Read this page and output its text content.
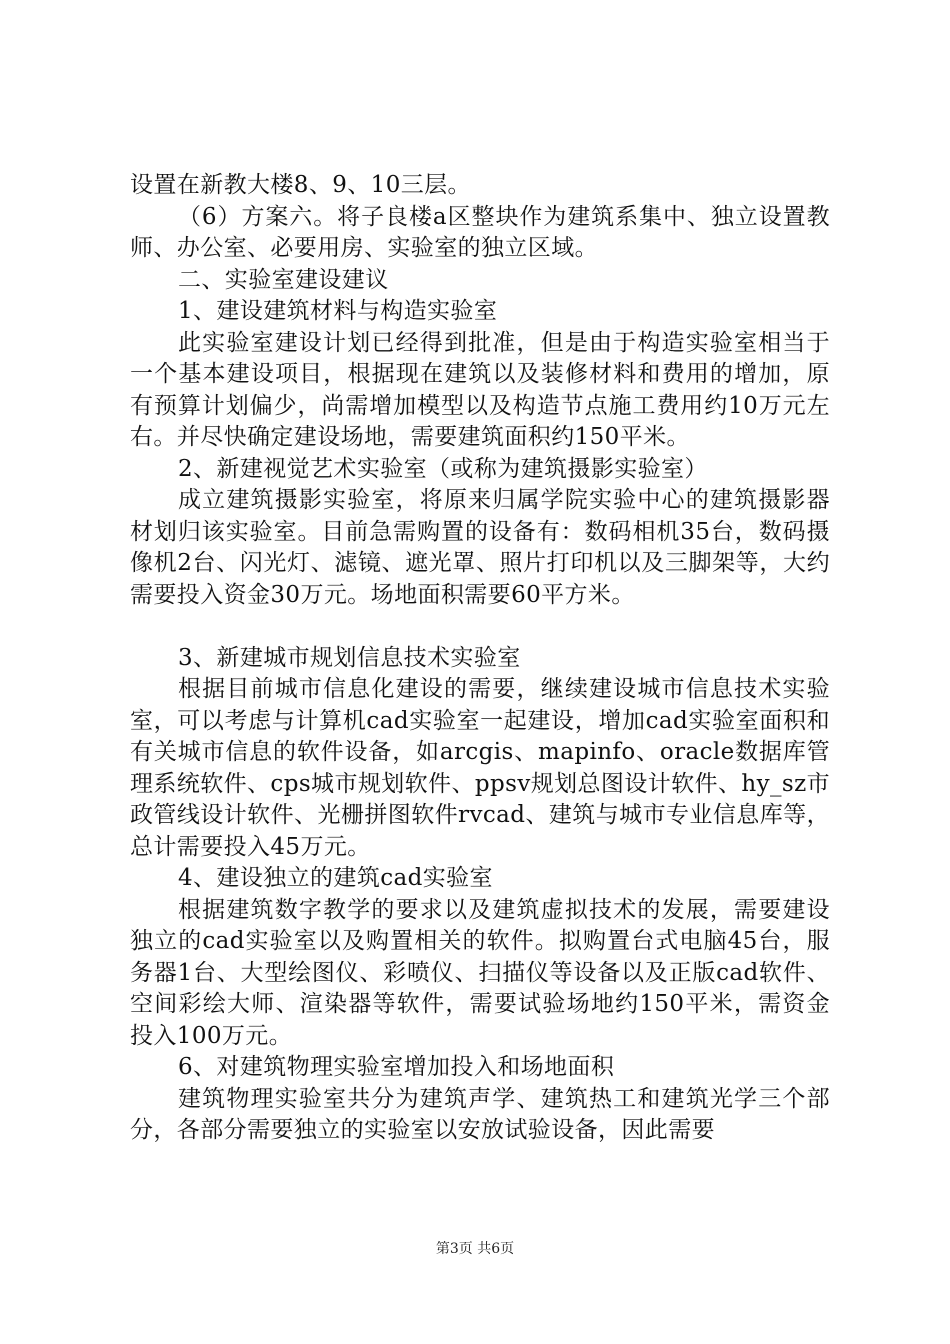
设置在新教大楼8、9、10三层。

（6）方案六。将子良楼a区整块作为建筑系集中、独立设置教师、办公室、必要用房、实验室的独立区域。

二、实验室建设建议

1、建设建筑材料与构造实验室

此实验室建设计划已经得到批准，但是由于构造实验室相当于一个基本建设项目，根据现在建筑以及装修材料和费用的增加，原有预算计划偏少，尚需增加模型以及构造节点施工费用约10万元左右。并尽快确定建设场地，需要建筑面积约150平米。

2、新建视觉艺术实验室（或称为建筑摄影实验室）

成立建筑摄影实验室，将原来归属学院实验中心的建筑摄影器材划归该实验室。目前急需购置的设备有：数码相机35台，数码摄像机2台、闪光灯、滤镜、遮光罩、照片打印机以及三脚架等，大约需要投入资金30万元。场地面积需要60平方米。

3、新建城市规划信息技术实验室

根据目前城市信息化建设的需要，继续建设城市信息技术实验室，可以考虑与计算机cad实验室一起建设，增加cad实验室面积和有关城市信息的软件设备，如arcgis、mapinfo、oracle数据库管理系统软件、cps城市规划软件、ppsv规划总图设计软件、hy_sz市政管线设计软件、光栅拼图软件rvcad、建筑与城市专业信息库等，总计需要投入45万元。

4、建设独立的建筑cad实验室

根据建筑数字教学的要求以及建筑虚拟技术的发展，需要建设独立的cad实验室以及购置相关的软件。拟购置台式电脑45台，服务器1台、大型绘图仪、彩喷仪、扫描仪等设备以及正版cad软件、空间彩绘大师、渲染器等软件，需要试验场地约150平米，需资金投入100万元。

6、对建筑物理实验室增加投入和场地面积

建筑物理实验室共分为建筑声学、建筑热工和建筑光学三个部分，各部分需要独立的实验室以安放试验设备，因此需要

第3页 共6页
